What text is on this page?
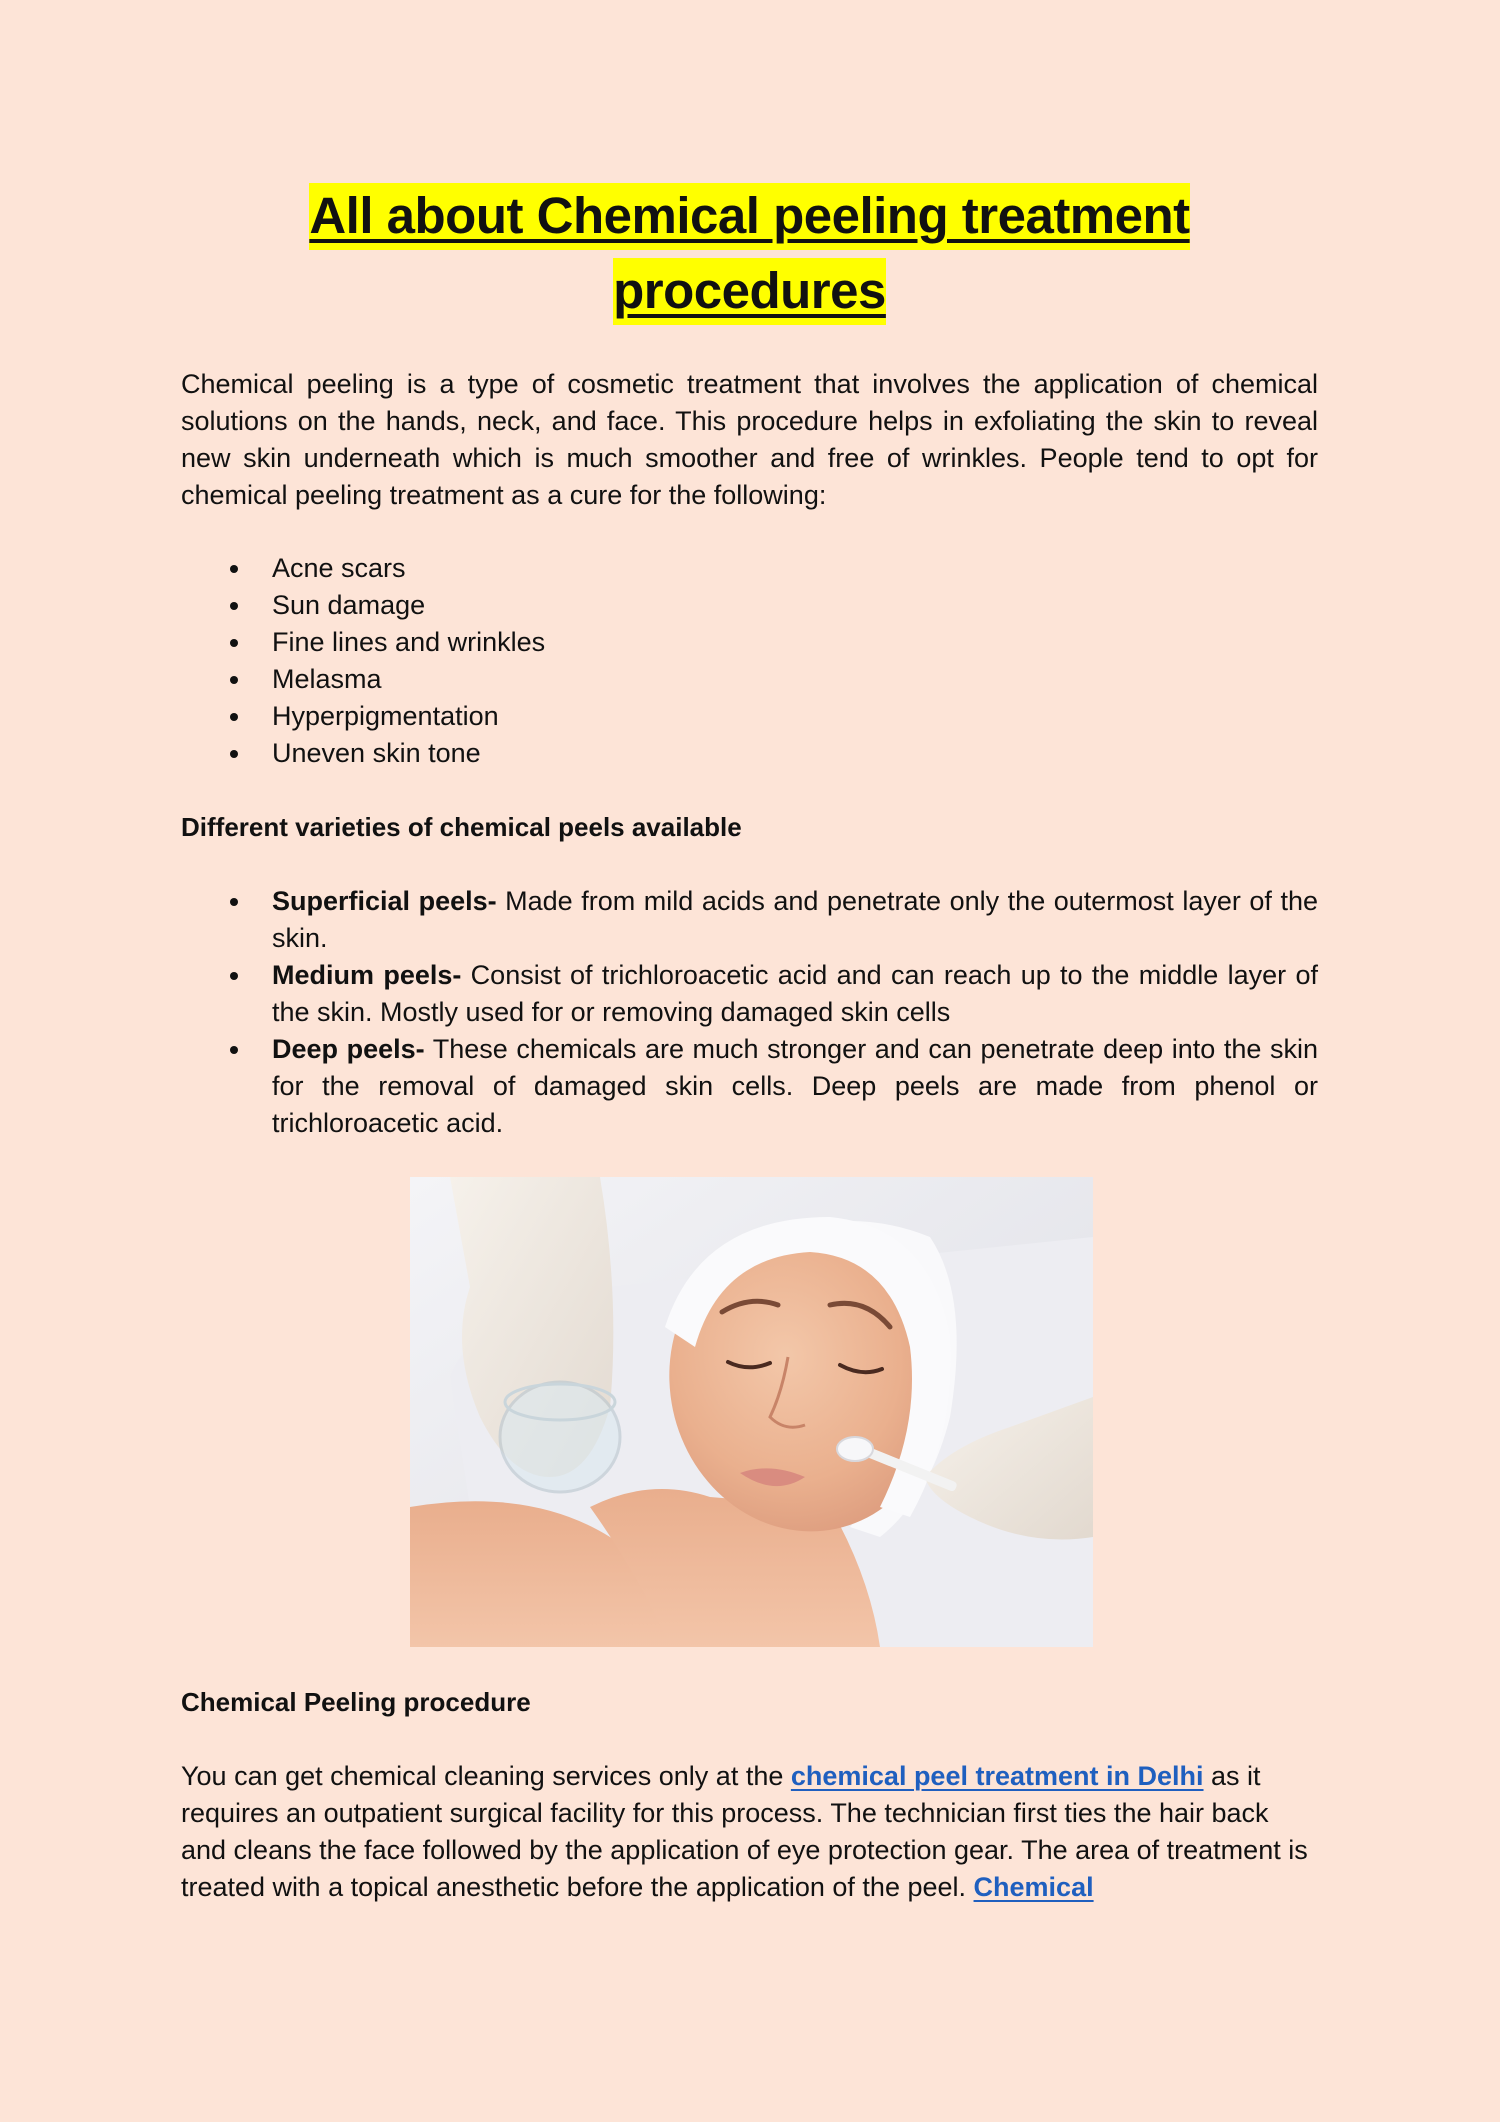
All about Chemical peeling treatment
procedures

Chemical peeling is a type of cosmetic treatment that involves the application of chemical solutions on the hands, neck, and face. This procedure helps in exfoliating the skin to reveal new skin underneath which is much smoother and free of wrinkles. People tend to opt for chemical peeling treatment as a cure for the following:

Acne scars
Sun damage
Fine lines and wrinkles
Melasma
Hyperpigmentation
Uneven skin tone
Different varieties of chemical peels available
Superficial peels- Made from mild acids and penetrate only the outermost layer of the skin.
Medium peels- Consist of trichloroacetic acid and can reach up to the middle layer of the skin. Mostly used for or removing damaged skin cells
Deep peels- These chemicals are much stronger and can penetrate deep into the skin for the removal of damaged skin cells. Deep peels are made from phenol or trichloroacetic acid.
Chemical Peeling procedure

You can get chemical cleaning services only at the chemical peel treatment in Delhi as it requires an outpatient surgical facility for this process. The technician first ties the hair back and cleans the face followed by the application of eye protection gear. The area of treatment is treated with a topical anesthetic before the application of the peel. Chemical
